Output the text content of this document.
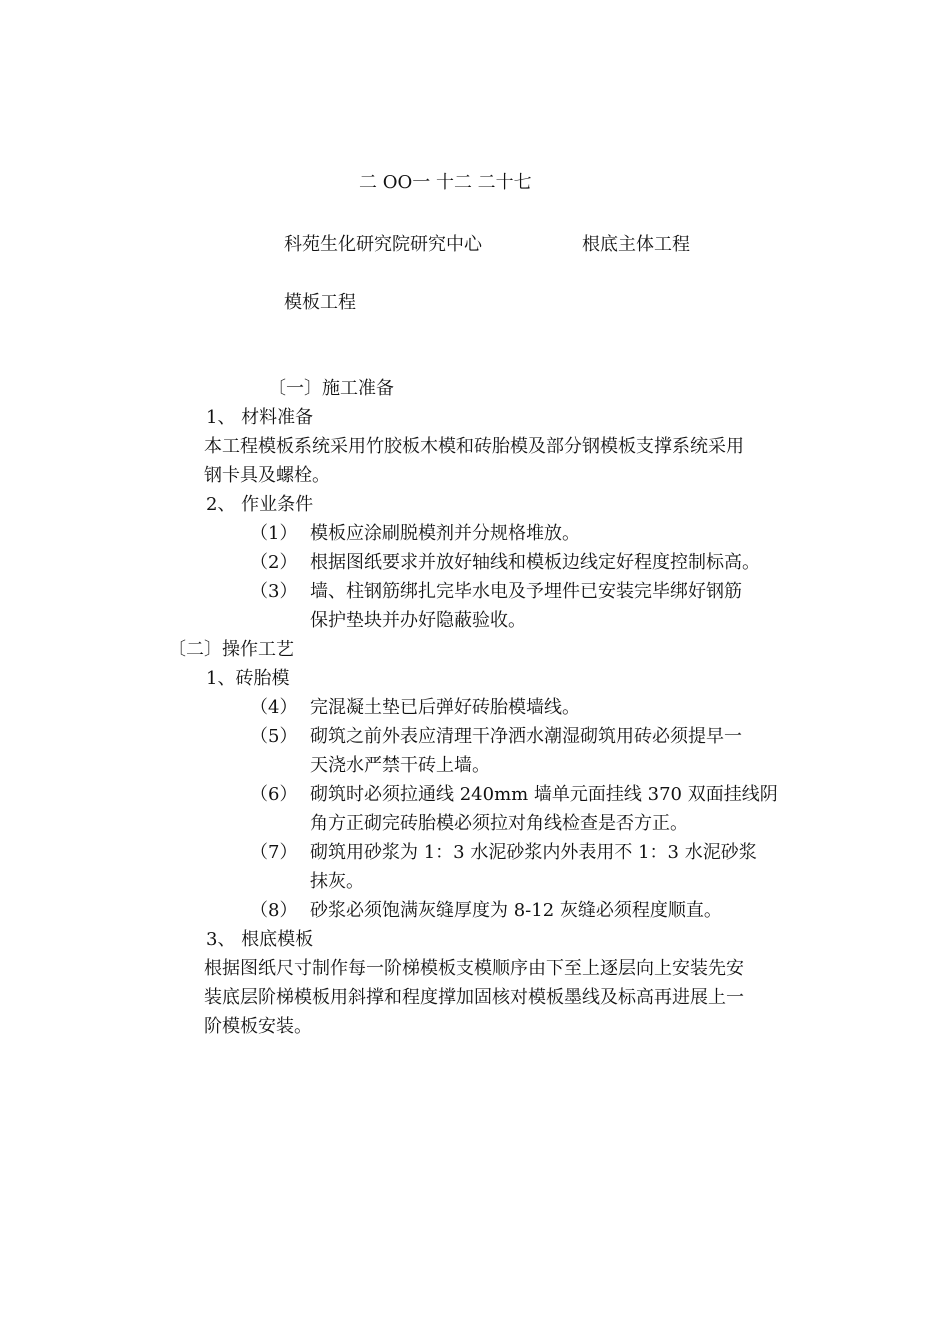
二 OO一 十二 二十七
科苑生化研究院研究中心	根底主体工程
模板工程
〔一〕施工准备
1、 材料准备
本工程模板系统采用竹胶板木模和砖胎模及部分钢模板支撑系统采用
钢卡具及螺栓。
2、 作业条件
（1） 模板应涂刷脱模剂并分规格堆放。
（2） 根据图纸要求并放好轴线和模板边线定好程度控制标高。
（3） 墙、柱钢筋绑扎完毕水电及予埋件已安装完毕绑好钢筋
保护垫块并办好隐蔽验收。
〔二〕操作工艺
1、砖胎模
（4） 完混凝土垫已后弹好砖胎模墙线。
（5） 砌筑之前外表应清理干净洒水潮湿砌筑用砖必须提早一
天浇水严禁干砖上墙。
（6） 砌筑时必须拉通线 240mm 墙单元面挂线 370 双面挂线阴
角方正砌完砖胎模必须拉对角线检查是否方正。
（7） 砌筑用砂浆为 1：3 水泥砂浆内外表用不 1：3 水泥砂浆
抹灰。
（8） 砂浆必须饱满灰缝厚度为 8-12 灰缝必须程度顺直。
3、 根底模板
根据图纸尺寸制作每一阶梯模板支模顺序由下至上逐层向上安装先安
装底层阶梯模板用斜撑和程度撑加固核对模板墨线及标高再进展上一
阶模板安装。
